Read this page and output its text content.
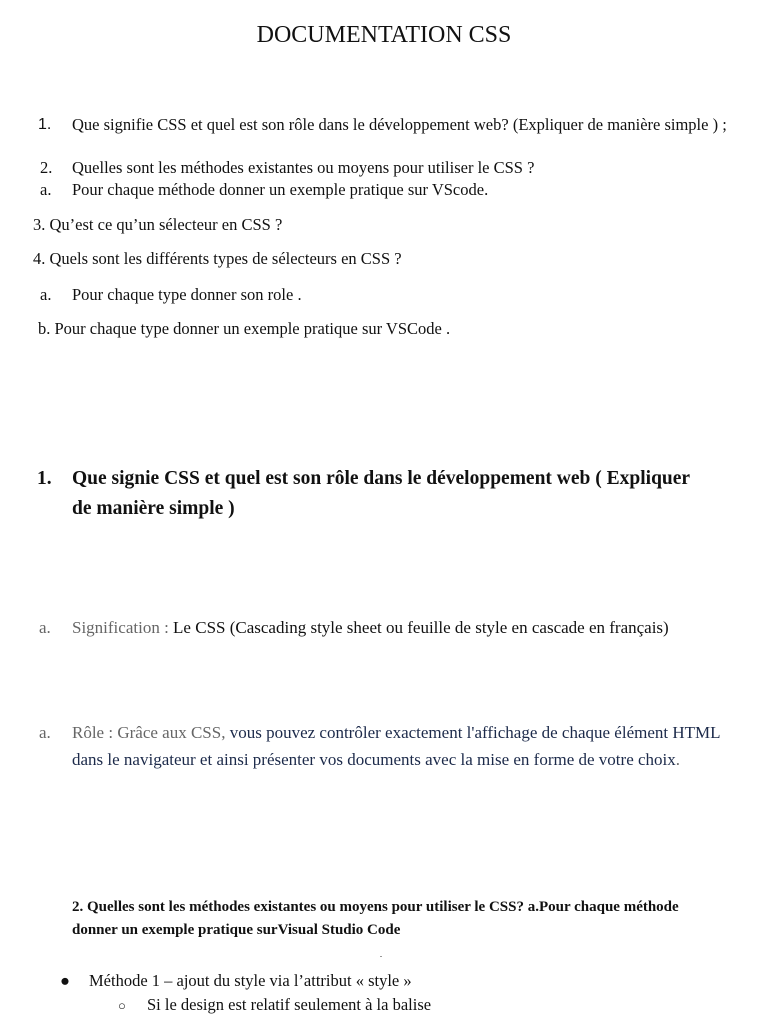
DOCUMENTATION CSS
1. Que signifie CSS et quel est son rôle dans le développement web? (Expliquer de manière simple ) ;
2. Quelles sont les méthodes existantes ou moyens pour utiliser le CSS ?
a. Pour chaque méthode donner un exemple pratique sur VScode.
3. Qu’est ce qu’un sélecteur en CSS ?
4. Quels sont les différents types de sélecteurs en CSS ?
a. Pour chaque type donner son role .
b. Pour chaque type donner un exemple pratique sur VSCode .
1. Que signie CSS et quel est son rôle dans le développement web ( Expliquer de manière simple )
a. Signification : Le CSS (Cascading style sheet ou feuille de style en cascade en français)
a. Rôle : Grâce aux CSS, vous pouvez contrôler exactement l'affichage de chaque élément HTML dans le navigateur et ainsi présenter vos documents avec la mise en forme de votre choix.
2. Quelles sont les méthodes existantes ou moyens pour utiliser le CSS? a.Pour chaque méthode donner un exemple pratique surVisual Studio Code
● Méthode 1 – ajout du style via l’attribut « style »
○ Si le design est relatif seulement à la balise
